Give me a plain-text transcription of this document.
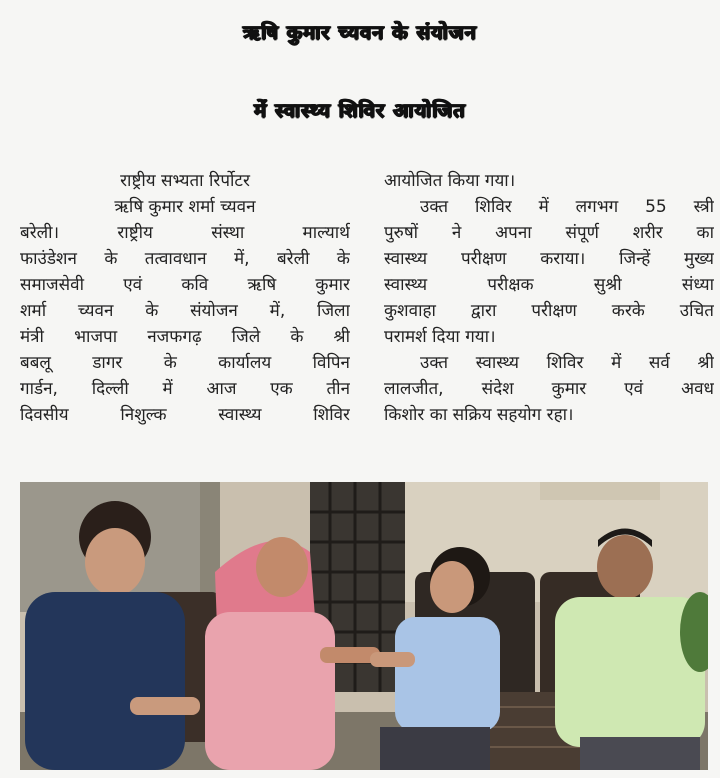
ऋषि कुमार च्यवन के संयोजन
में स्वास्थ्य शिविर आयोजित
राष्ट्रीय सभ्यता रिर्पोटर
ऋषि कुमार शर्मा च्यवन
बरेली। राष्ट्रीय संस्था माल्यार्थ
फाउंडेशन के तत्वावधान में, बरेली के
समाजसेवी एवं कवि ऋषि कुमार
शर्मा च्यवन के संयोजन में, जिला
मंत्री भाजपा नजफगढ़ जिले के श्री
बबलू डागर के कार्यालय विपिन
गार्डन, दिल्ली में आज एक तीन
दिवसीय निशुल्क स्वास्थ्य शिविर
आयोजित किया गया।
उक्त शिविर में लगभग 55 स्त्री
पुरुषों ने अपना संपूर्ण शरीर का
स्वास्थ्य परीक्षण कराया। जिन्हें मुख्य
स्वास्थ्य परीक्षक सुश्री संध्या
कुशवाहा द्वारा परीक्षण करके उचित
परामर्श दिया गया।
उक्त स्वास्थ्य शिविर में सर्व श्री
लालजीत, संदेश कुमार एवं अवध
किशोर का सक्रिय सहयोग रहा।
